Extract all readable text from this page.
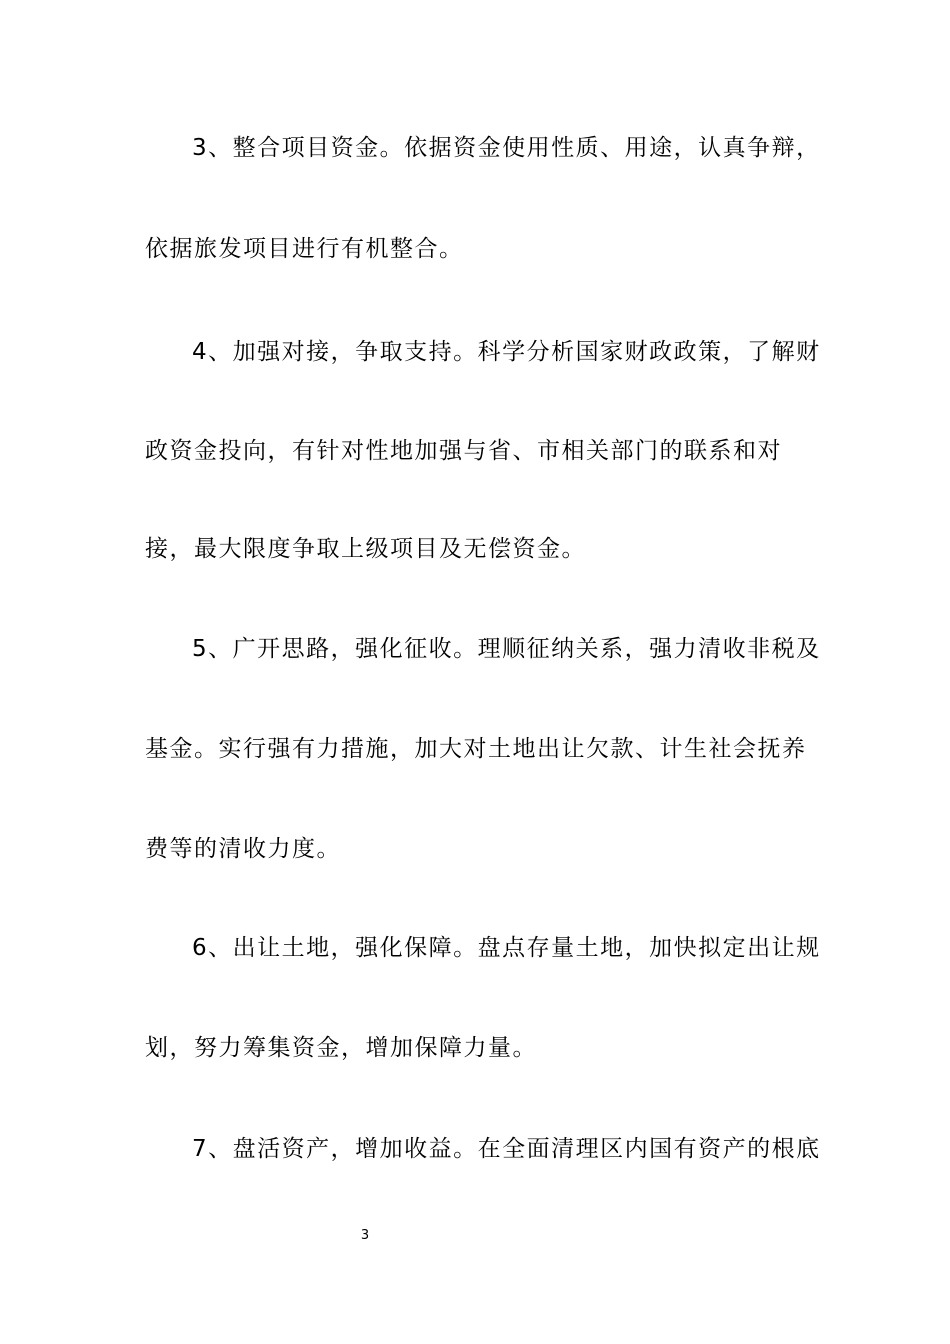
3、整合项目资金。依据资金使用性质、用途，认真争辩，
依据旅发项目进行有机整合。
4、加强对接，争取支持。科学分析国家财政政策，了解财
政资金投向，有针对性地加强与省、市相关部门的联系和对
接，最大限度争取上级项目及无偿资金。
5、广开思路，强化征收。理顺征纳关系，强力清收非税及
基金。实行强有力措施，加大对土地出让欠款、计生社会抚养
费等的清收力度。
6、出让土地，强化保障。盘点存量土地，加快拟定出让规
划，努力筹集资金，增加保障力量。
7、盘活资产，增加收益。在全面清理区内国有资产的根底
3
